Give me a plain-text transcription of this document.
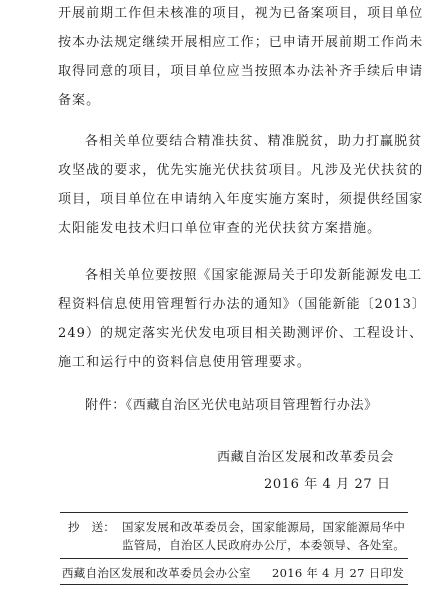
开展前期工作但未核准的项目，视为已备案项目，项目单位
按本办法规定继续开展相应工作；已申请开展前期工作尚未
取得同意的项目，项目单位应当按照本办法补齐手续后申请
备案。
各相关单位要结合精准扶贫、精准脱贫，助力打赢脱贫
攻坚战的要求，优先实施光伏扶贫项目。凡涉及光伏扶贫的
项目，项目单位在申请纳入年度实施方案时，须提供经国家
太阳能发电技术归口单位审查的光伏扶贫方案措施。
各相关单位要按照《国家能源局关于印发新能源发电工
程资料信息使用管理暂行办法的通知》（国能新能〔2013〕
249）的规定落实光伏发电项目相关勘测评价、工程设计、
施工和运行中的资料信息使用管理要求。
附件：《西藏自治区光伏电站项目管理暂行办法》
西藏自治区发展和改革委员会
2016 年 4 月 27 日
抄　送： 国家发展和改革委员会，国家能源局，国家能源局华中
监管局，自治区人民政府办公厅，本委领导、各处室。
西藏自治区发展和改革委员会办公室 2016 年 4 月 27 日印发
